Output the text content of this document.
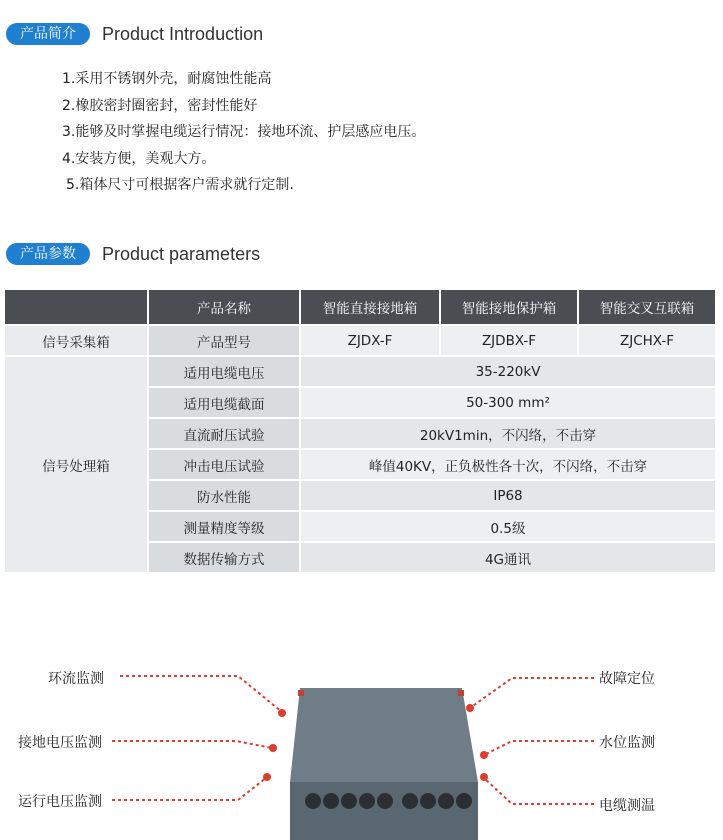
产品简介	Product Introduction
1.采用不锈钢外壳，耐腐蚀性能高
2.橡胶密封圈密封，密封性能好
3.能够及时掌握电缆运行情况：接地环流、护层感应电压。
4.安装方便，美观大方。
5.箱体尺寸可根据客户需求就行定制.
产品参数	Product parameters
	产品名称	智能直接接地箱	智能接地保护箱	智能交叉互联箱
信号采集箱	产品型号	ZJDX-F	ZJDBX-F	ZJCHX-F
信号处理箱	适用电缆电压	35-220kV		
	适用电缆截面	50-300 mm²		
	直流耐压试验	20kV1min，不闪络，不击穿		
	冲击电压试验	峰值40KV，正负极性各十次，不闪络，不击穿		
	防水性能	IP68		
	测量精度等级	0.5级		
	数据传输方式	4G通讯		
环流监测
接地电压监测
运行电压监测
故障定位
水位监测
电缆测温
